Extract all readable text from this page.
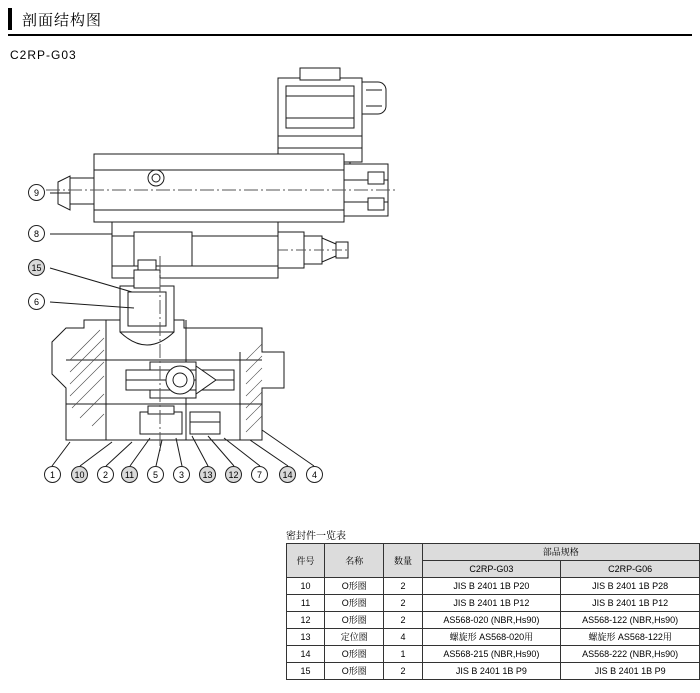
剖面结构图
C2RP-G03
9
8
15
6
1	10	2	11	5	3	13	12	7	14	4
密封件一览表
件号	名称	数量	部品规格	
			C2RP-G03	C2RP-G06
10	O形圈	2	JIS B 2401 1B P20	JIS B 2401 1B P28
11	O形圈	2	JIS B 2401 1B P12	JIS B 2401 1B P12
12	O形圈	2	AS568-020 (NBR,Hs90)	AS568-122 (NBR,Hs90)
13	定位圈	4	螺旋形 AS568-020用	螺旋形 AS568-122用
14	O形圈	1	AS568-215 (NBR,Hs90)	AS568-222 (NBR,Hs90)
15	O形圈	2	JIS B 2401 1B P9	JIS B 2401 1B P9
